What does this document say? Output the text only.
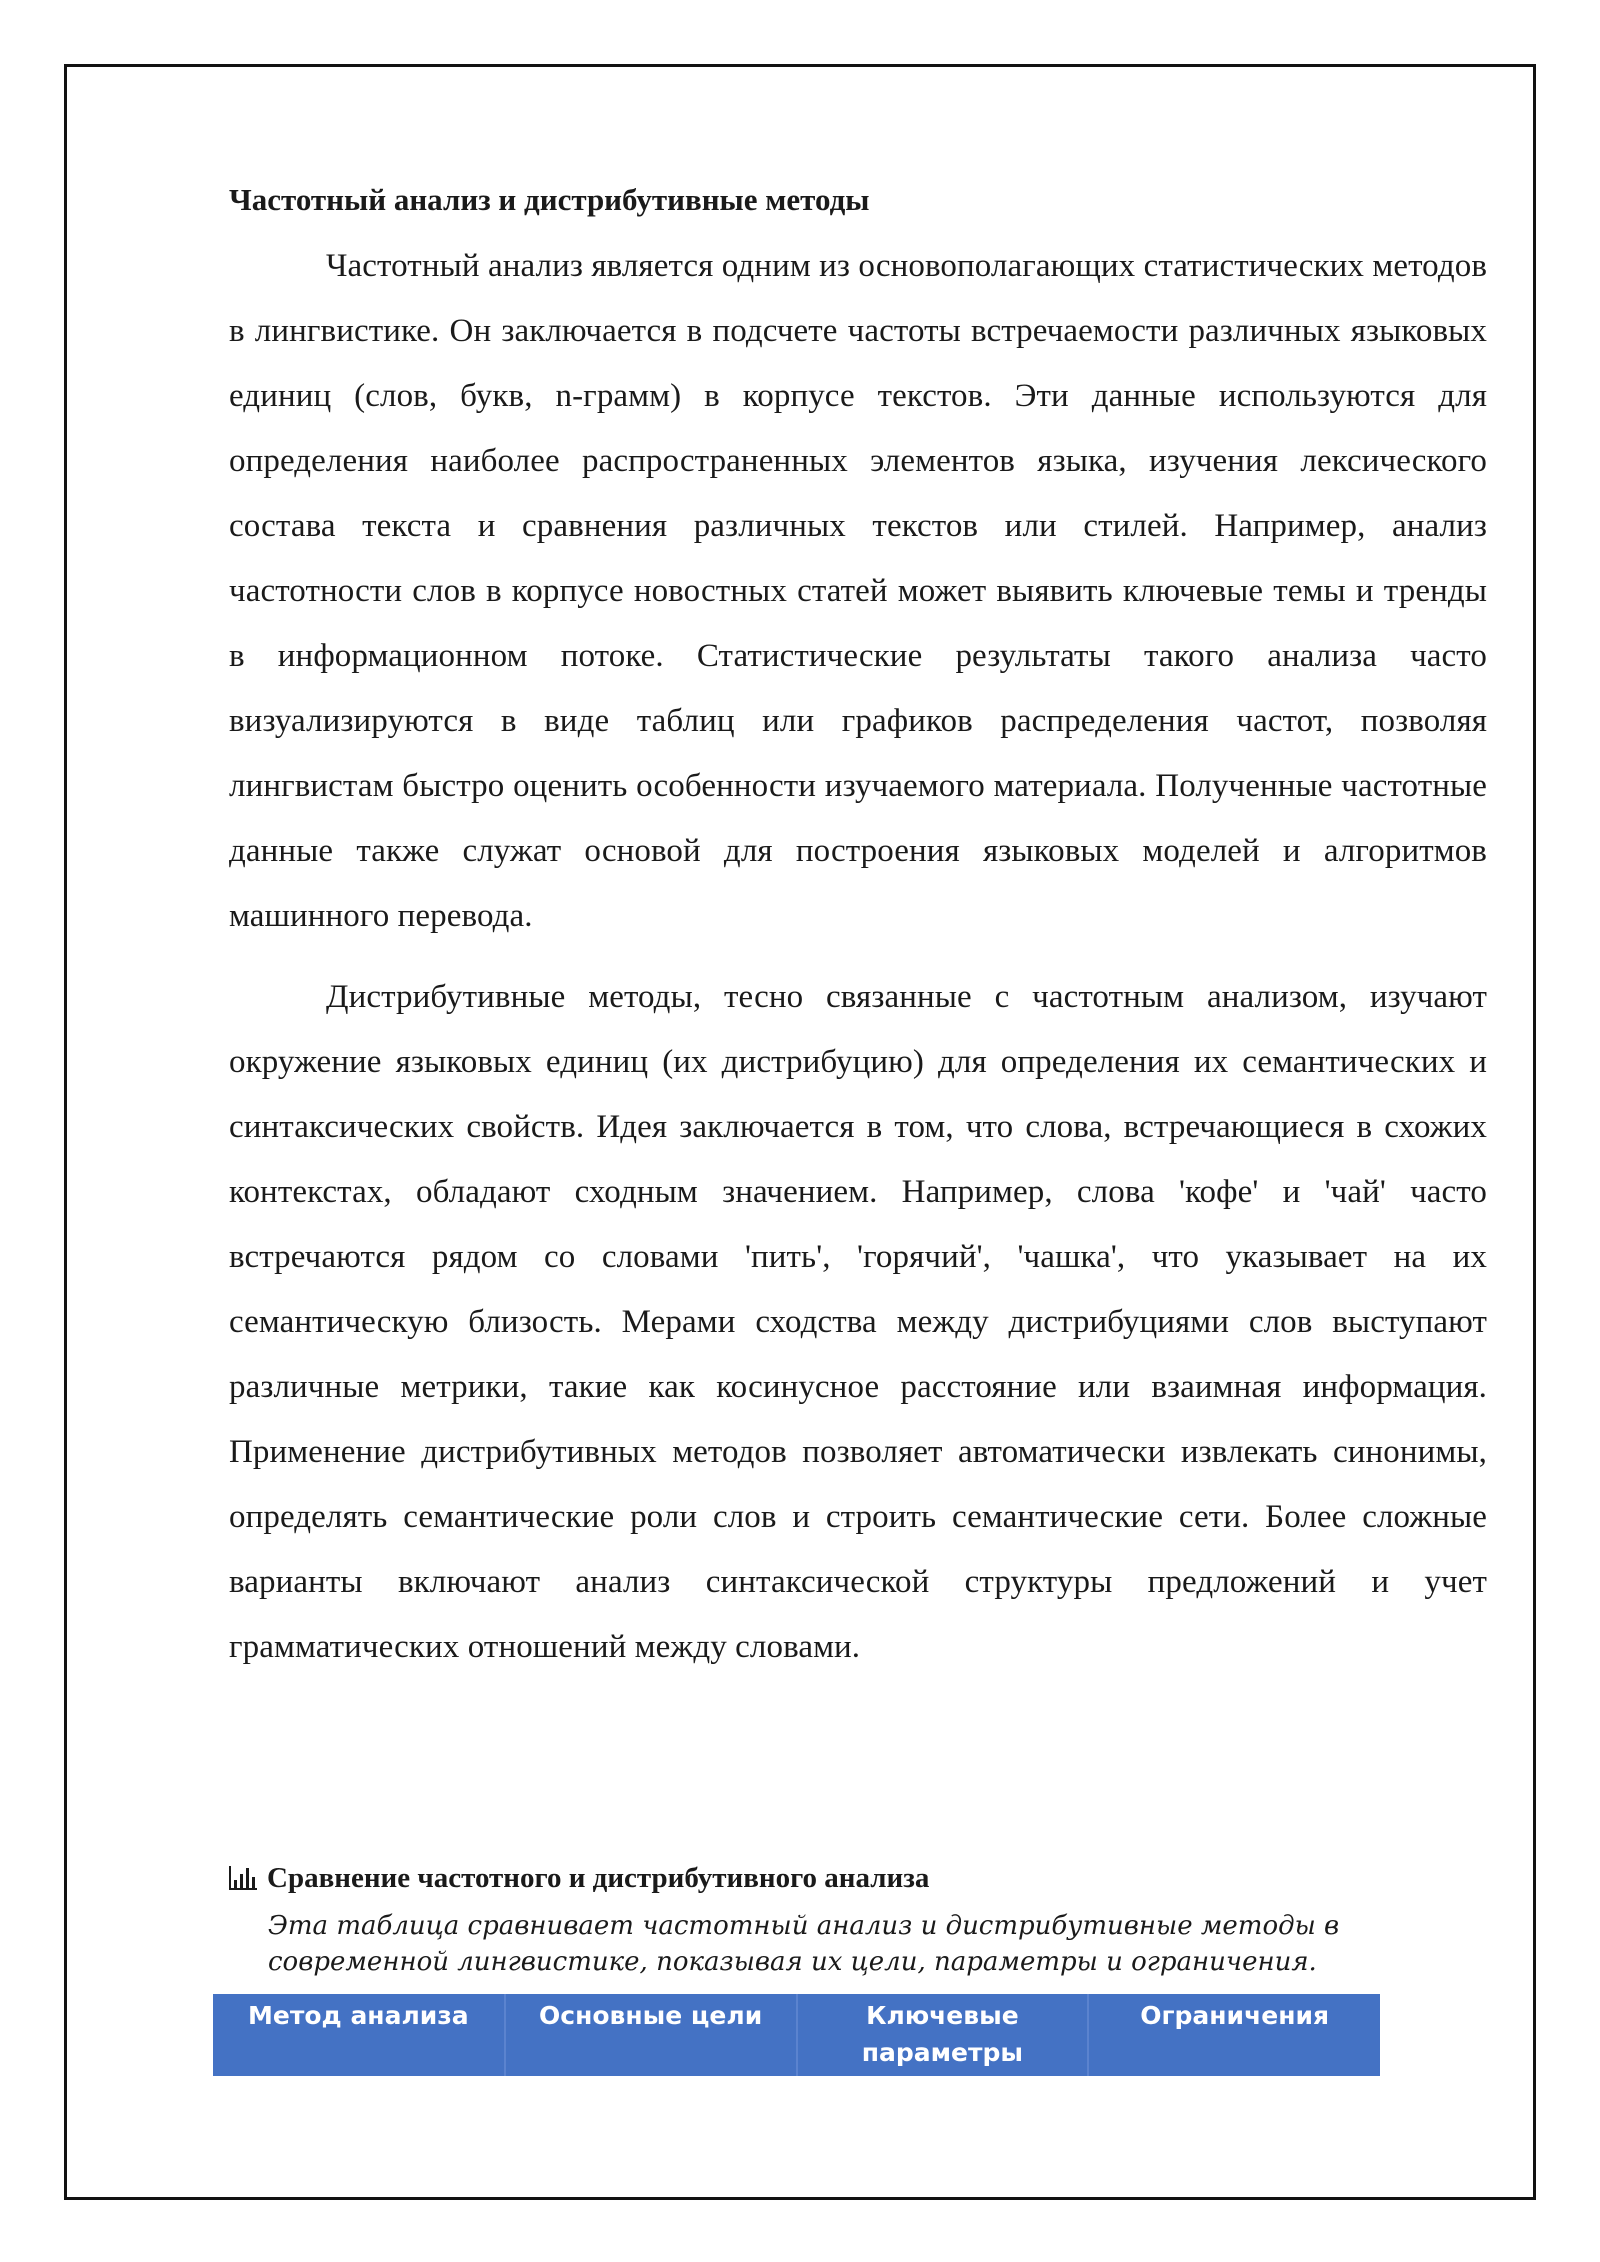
Частотный анализ и дистрибутивные методы

Частотный анализ является одним из основополагающих статистических методов в лингвистике. Он заключается в подсчете частоты встречаемости различных языковых единиц (слов, букв, n-грамм) в корпусе текстов. Эти данные используются для определения наиболее распространенных элементов языка, изучения лексического состава текста и сравнения различных текстов или стилей. Например, анализ частотности слов в корпусе новостных статей может выявить ключевые темы и тренды в информационном потоке. Статистические результаты такого анализа часто визуализируются в виде таблиц или графиков распределения частот, позволяя лингвистам быстро оценить особенности изучаемого материала. Полученные частотные данные также служат основой для построения языковых моделей и алгоритмов машинного перевода.

Дистрибутивные методы, тесно связанные с частотным анализом, изучают окружение языковых единиц (их дистрибуцию) для определения их семантических и синтаксических свойств. Идея заключается в том, что слова, встречающиеся в схожих контекстах, обладают сходным значением. Например, слова 'кофе' и 'чай' часто встречаются рядом со словами 'пить', 'горячий', 'чашка', что указывает на их семантическую близость. Мерами сходства между дистрибуциями слов выступают различные метрики, такие как косинусное расстояние или взаимная информация. Применение дистрибутивных методов позволяет автоматически извлекать синонимы, определять семантические роли слов и строить семантические сети. Более сложные варианты включают анализ синтаксической структуры предложений и учет грамматических отношений между словами.

Сравнение частотного и дистрибутивного анализа
Эта таблица сравнивает частотный анализ и дистрибутивные методы в современной лингвистике, показывая их цели, параметры и ограничения.
Метод анализа	Основные цели	Ключевые параметры	Ограничения
